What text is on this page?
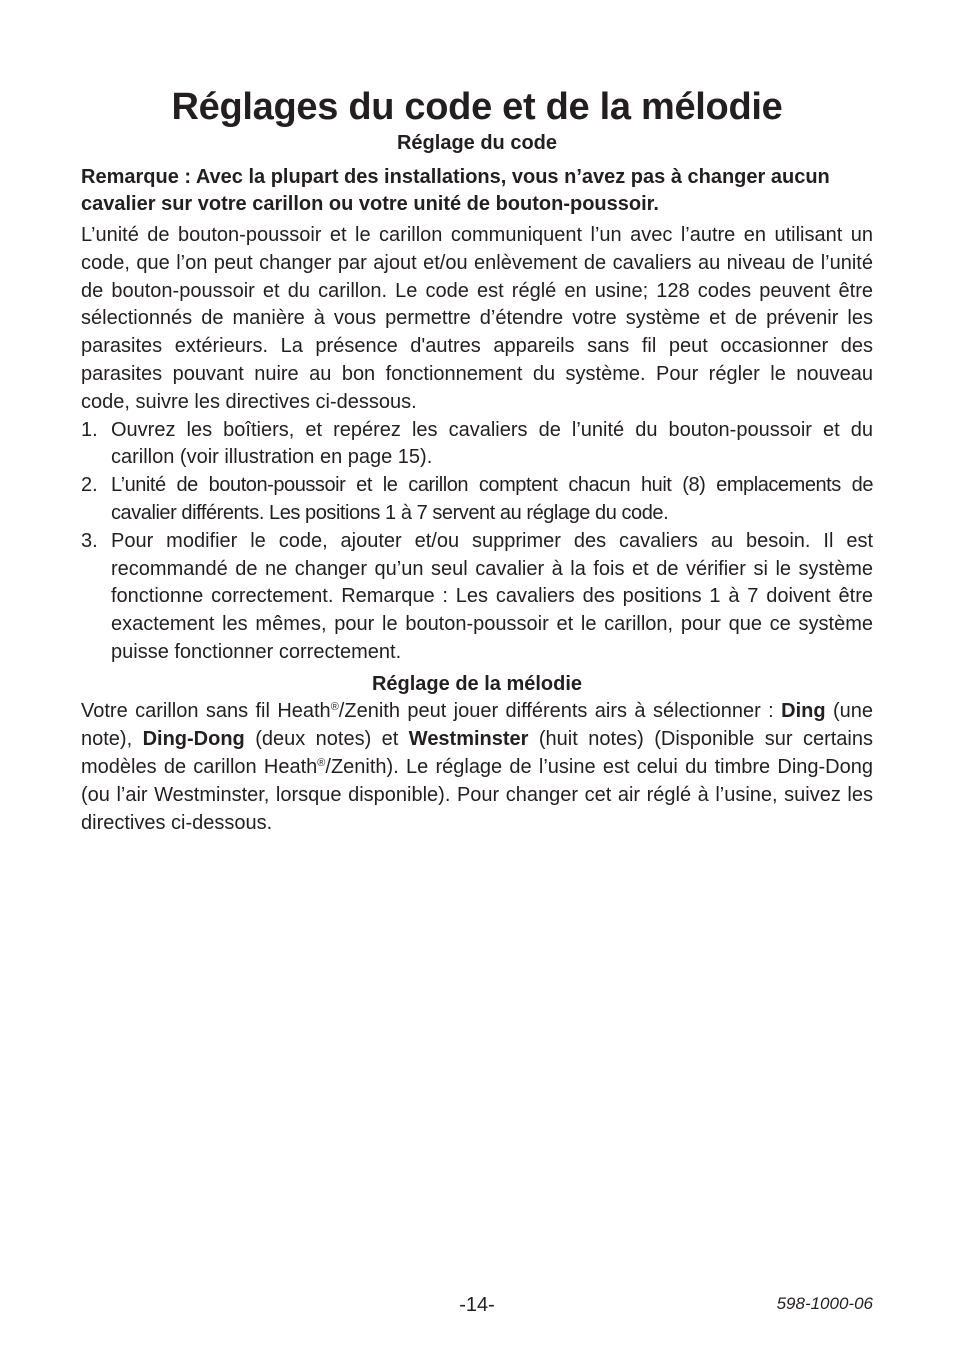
Réglages du code et de la mélodie
Réglage du code

Remarque : Avec la plupart des installations, vous n’avez pas à changer aucun cavalier sur votre carillon ou votre unité de bouton-poussoir.

L’unité de bouton-poussoir et le carillon communiquent l’un avec l’autre en utilisant un code, que l’on peut changer par ajout et/ou enlèvement de cavaliers au niveau de l’unité de bouton-poussoir et du carillon. Le code est réglé en usine; 128 codes peuvent être sélectionnés de manière à vous permettre d’étendre votre système et de prévenir les parasites extérieurs. La présence d'autres appareils sans fil peut occasionner des parasites pouvant nuire au bon fonctionnement du système. Pour régler le nouveau code, suivre les directives ci-dessous.

1. Ouvrez les boîtiers, et repérez les cavaliers de l’unité du bouton-poussoir et du carillon (voir illustration en page 15).
2. L’unité de bouton-poussoir et le carillon comptent chacun huit (8) emplacements de cavalier différents. Les positions 1 à 7 servent au réglage du code.
3. Pour modifier le code, ajouter et/ou supprimer des cavaliers au besoin. Il est recommandé de ne changer qu’un seul cavalier à la fois et de vérifier si le système fonctionne correctement. Remarque : Les cavaliers des positions 1 à 7 doivent être exactement les mêmes, pour le bouton-poussoir et le carillon, pour que ce système puisse fonctionner correctement.
Réglage de la mélodie

Votre carillon sans fil Heath®/Zenith peut jouer différents airs à sélectionner : Ding (une note), Ding-Dong (deux notes) et Westminster (huit notes) (Disponible sur certains modèles de carillon Heath®/Zenith). Le réglage de l’usine est celui du timbre Ding-Dong (ou l’air Westminster, lorsque disponible). Pour changer cet air réglé à l’usine, suivez les directives ci-dessous.

-14-	598-1000-06
